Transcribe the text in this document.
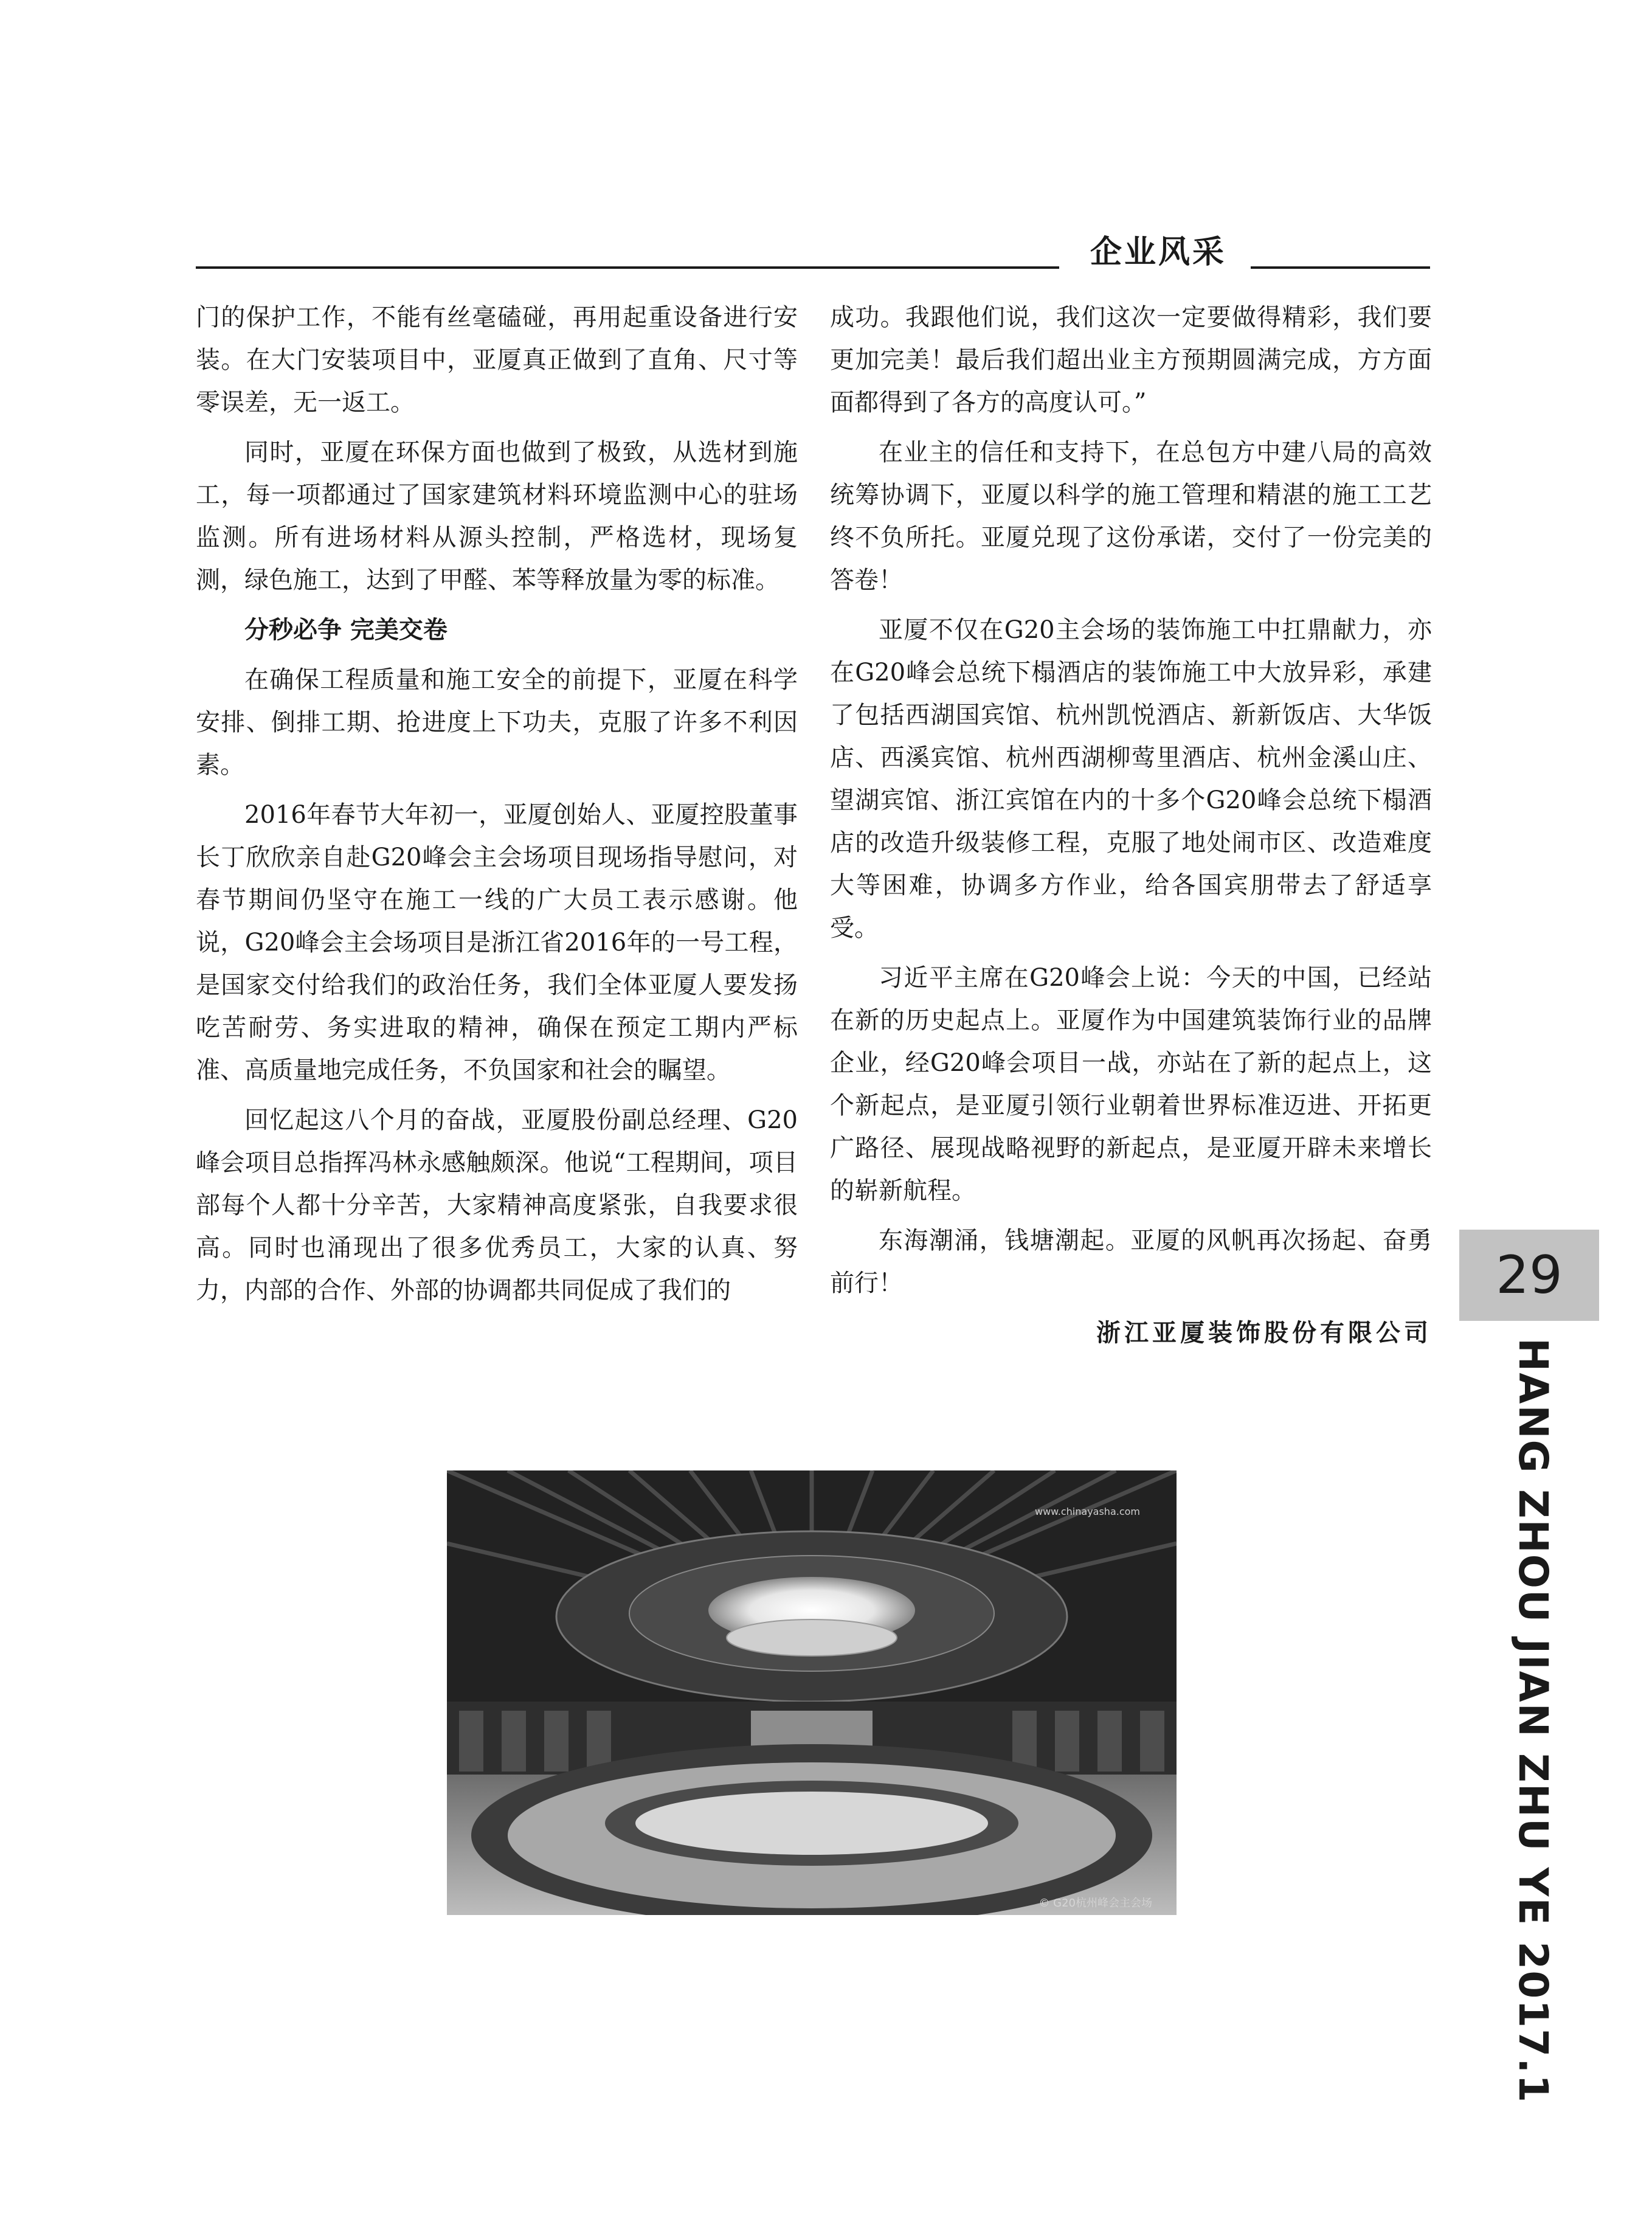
企业风采

门的保护工作，不能有丝毫磕碰，再用起重设备进行安装。在大门安装项目中，亚厦真正做到了直角、尺寸等零误差，无一返工。

同时，亚厦在环保方面也做到了极致，从选材到施工，每一项都通过了国家建筑材料环境监测中心的驻场监测。所有进场材料从源头控制，严格选材，现场复测，绿色施工，达到了甲醛、苯等释放量为零的标准。

分秒必争 完美交卷

在确保工程质量和施工安全的前提下，亚厦在科学安排、倒排工期、抢进度上下功夫，克服了许多不利因素。

2016年春节大年初一，亚厦创始人、亚厦控股董事长丁欣欣亲自赴G20峰会主会场项目现场指导慰问，对春节期间仍坚守在施工一线的广大员工表示感谢。他说，G20峰会主会场项目是浙江省2016年的一号工程，是国家交付给我们的政治任务，我们全体亚厦人要发扬吃苦耐劳、务实进取的精神，确保在预定工期内严标准、高质量地完成任务，不负国家和社会的瞩望。

回忆起这八个月的奋战，亚厦股份副总经理、G20峰会项目总指挥冯林永感触颇深。他说“工程期间，项目部每个人都十分辛苦，大家精神高度紧张，自我要求很高。同时也涌现出了很多优秀员工，大家的认真、努力，内部的合作、外部的协调都共同促成了我们的

成功。我跟他们说，我们这次一定要做得精彩，我们要更加完美！最后我们超出业主方预期圆满完成，方方面面都得到了各方的高度认可。”

在业主的信任和支持下，在总包方中建八局的高效统筹协调下，亚厦以科学的施工管理和精湛的施工工艺终不负所托。亚厦兑现了这份承诺，交付了一份完美的答卷！

亚厦不仅在G20主会场的装饰施工中扛鼎献力，亦在G20峰会总统下榻酒店的装饰施工中大放异彩，承建了包括西湖国宾馆、杭州凯悦酒店、新新饭店、大华饭店、西溪宾馆、杭州西湖柳莺里酒店、杭州金溪山庄、望湖宾馆、浙江宾馆在内的十多个G20峰会总统下榻酒店的改造升级装修工程，克服了地处闹市区、改造难度大等困难，协调多方作业，给各国宾朋带去了舒适享受。

习近平主席在G20峰会上说：今天的中国，已经站在新的历史起点上。亚厦作为中国建筑装饰行业的品牌企业，经G20峰会项目一战，亦站在了新的起点上，这个新起点，是亚厦引领行业朝着世界标准迈进、开拓更广路径、展现战略视野的新起点，是亚厦开辟未来增长的崭新航程。

东海潮涌，钱塘潮起。亚厦的风帆再次扬起、奋勇前行！

浙江亚厦装饰股份有限公司

29
HANG ZHOU JIAN ZHU YE 2017.1
www.chinayasha.com
© G20杭州峰会主会场
